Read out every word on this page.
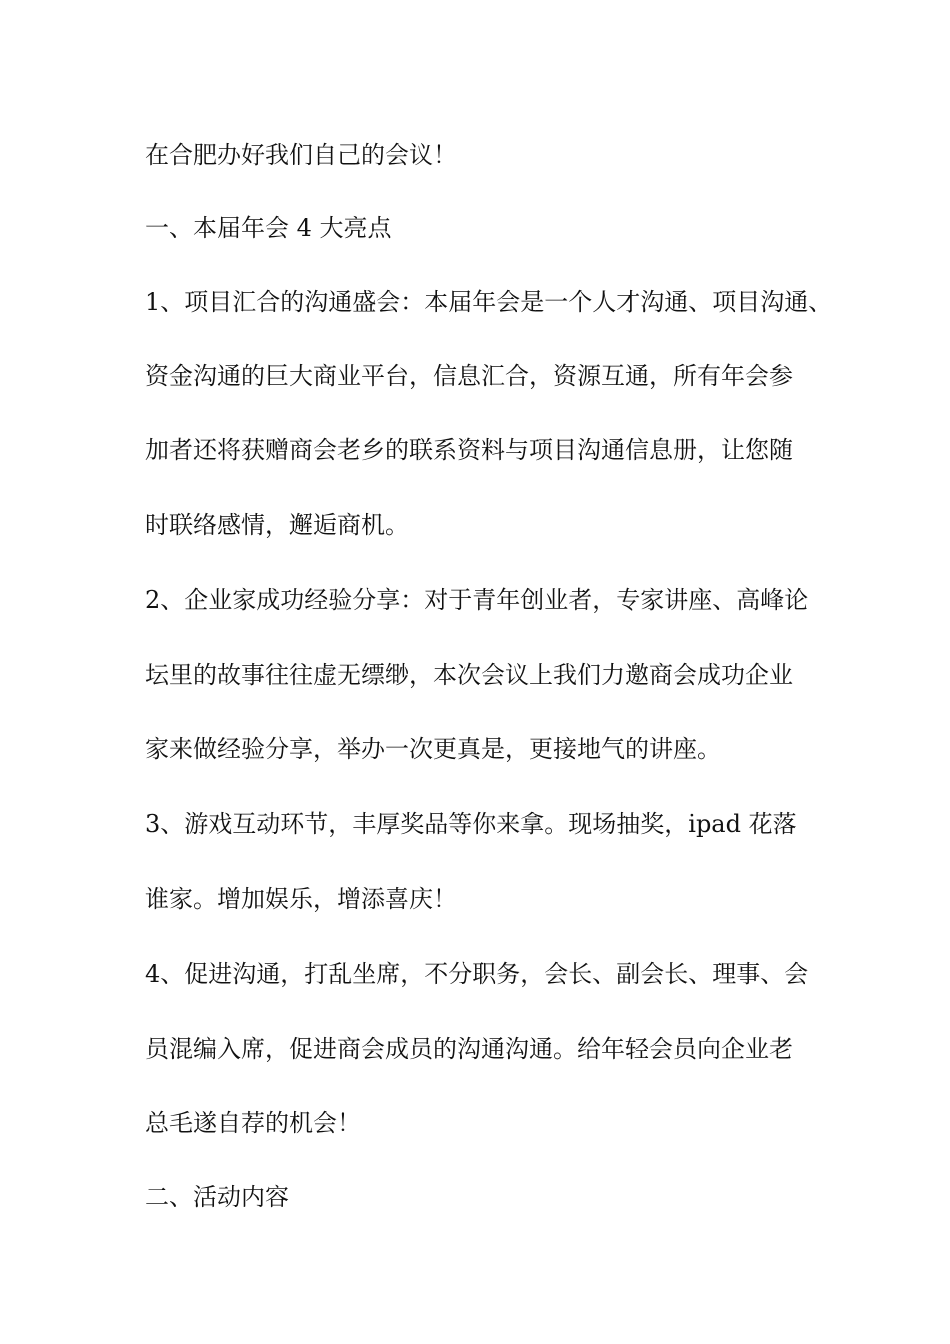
在合肥办好我们自己的会议！
一、本届年会 4 大亮点
1、项目汇合的沟通盛会：本届年会是一个人才沟通、项目沟通、
资金沟通的巨大商业平台，信息汇合，资源互通，所有年会参
加者还将获赠商会老乡的联系资料与项目沟通信息册，让您随
时联络感情，邂逅商机。
2、企业家成功经验分享：对于青年创业者，专家讲座、高峰论
坛里的故事往往虚无缥缈，本次会议上我们力邀商会成功企业
家来做经验分享，举办一次更真是，更接地气的讲座。
3、游戏互动环节，丰厚奖品等你来拿。现场抽奖，ipad 花落
谁家。增加娱乐，增添喜庆！
4、促进沟通，打乱坐席，不分职务，会长、副会长、理事、会
员混编入席，促进商会成员的沟通沟通。给年轻会员向企业老
总毛遂自荐的机会！
二、活动内容
